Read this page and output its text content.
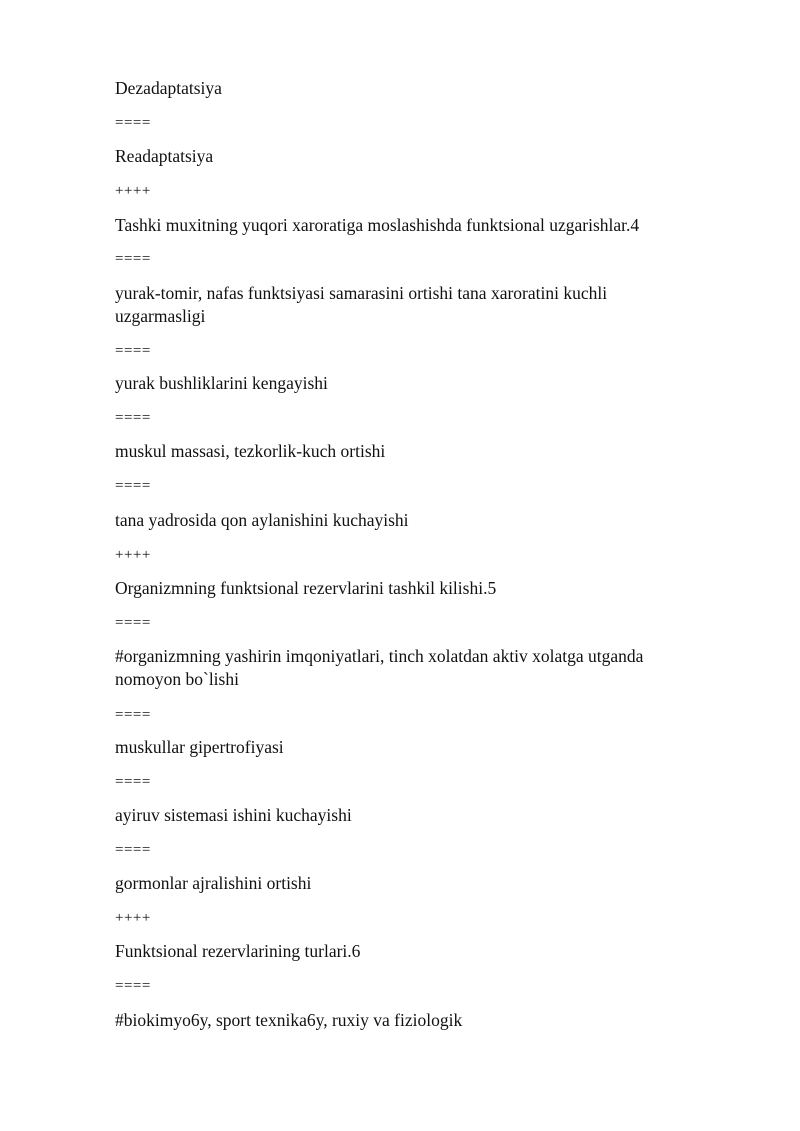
Dezadaptatsiya
====
Readaptatsiya
++++
Tashki muxitning yuqori xaroratiga moslashishda funktsional uzgarishlar.4
====
yurak-tomir, nafas funktsiyasi samarasini ortishi tana xaroratini kuchli uzgarmasligi
====
yurak bushliklarini kengayishi
====
muskul massasi, tezkorlik-kuch ortishi
====
tana yadrosida qon aylanishini kuchayishi
++++
Organizmning funktsional rezervlarini tashkil kilishi.5
====
#organizmning yashirin imqoniyatlari, tinch xolatdan aktiv xolatga utganda nomoyon bo`lishi
====
muskullar gipertrofiyasi
====
ayiruv sistemasi ishini kuchayishi
====
gormonlar ajralishini ortishi
++++
Funktsional rezervlarining turlari.6
====
#biokimyo6y, sport texnika6y, ruxiy va fiziologik
